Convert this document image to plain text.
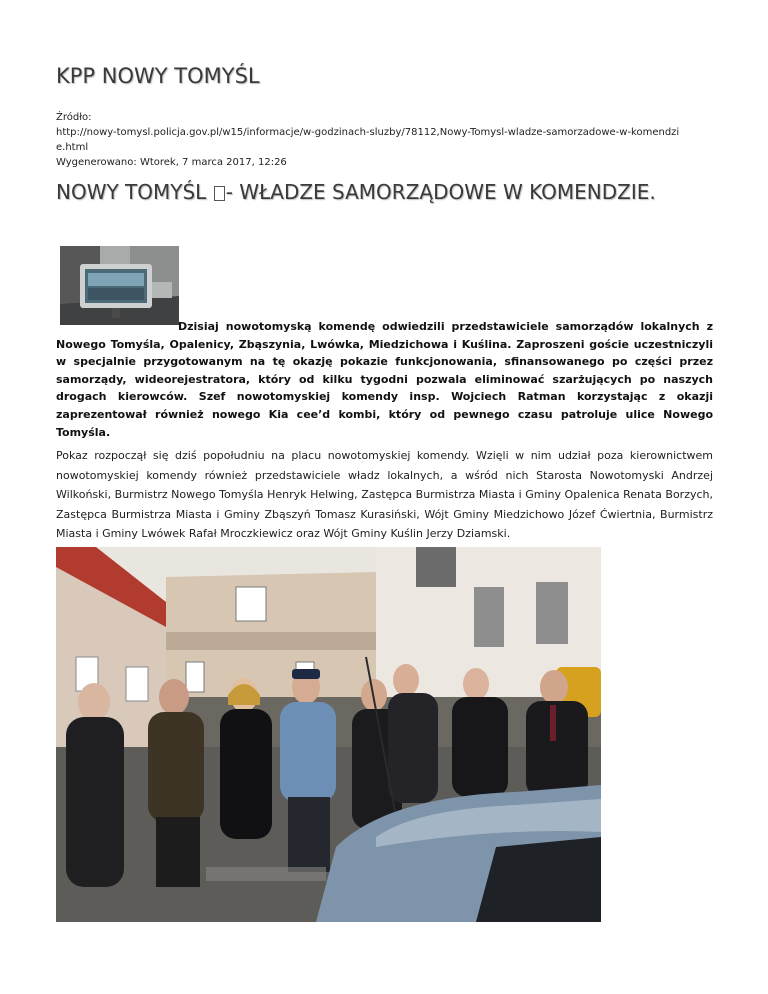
KPP NOWY TOMYŚL
Źródło:
http://nowy-tomysl.policja.gov.pl/w15/informacje/w-godzinach-sluzby/78112,Nowy-Tomysl-wladze-samorzadowe-w-komendzi
e.html
Wygenerowano: Wtorek, 7 marca 2017, 12:26
NOWY TOMYŚL - WŁADZE SAMORZĄDOWE W KOMENDZIE.
Dzisiaj nowotomyską komendę odwiedzili przedstawiciele samorządów lokalnych z Nowego Tomyśla, Opalenicy, Zbąszynia, Lwówka, Miedzichowa i Kuślina. Zaproszeni goście uczestniczyli w specjalnie przygotowanym na tę okazję pokazie funkcjonowania, sfinansowanego po części przez samorządy, wideorejestratora, który od kilku tygodni pozwala eliminować szarżujących po naszych drogach kierowców. Szef nowotomyskiej komendy insp. Wojciech Ratman korzystając z okazji zaprezentował również nowego Kia cee’d kombi, który od pewnego czasu patroluje ulice Nowego Tomyśla.
Pokaz rozpoczął się dziś popołudniu na placu nowotomyskiej komendy. Wzięli w nim udział poza kierownictwem nowotomyskiej komendy również przedstawiciele władz lokalnych, a wśród nich Starosta Nowotomyski Andrzej Wilkoński, Burmistrz Nowego Tomyśla Henryk Helwing, Zastępca Burmistrza Miasta i Gminy Opalenica Renata Borzych, Zastępca Burmistrza Miasta i Gminy Zbąszyń Tomasz Kurasiński, Wójt Gminy Miedzichowo Józef Ćwiertnia, Burmistrz Miasta i Gminy Lwówek Rafał Mroczkiewicz oraz Wójt Gminy Kuślin Jerzy Dziamski.
